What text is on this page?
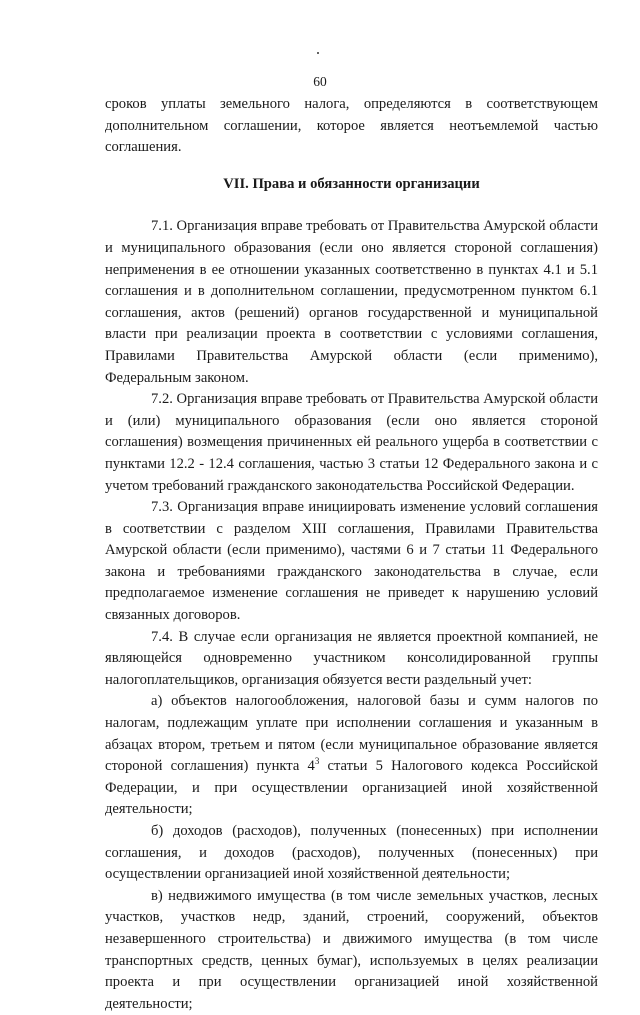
60

сроков уплаты земельного налога, определяются в соответствующем дополнительном соглашении, которое является неотъемлемой частью соглашения.

VII. Права и обязанности организации

7.1. Организация вправе требовать от Правительства Амурской области и муниципального образования (если оно является стороной соглашения) неприменения в ее отношении указанных соответственно в пунктах 4.1 и 5.1 соглашения и в дополнительном соглашении, предусмотренном пунктом 6.1 соглашения, актов (решений) органов государственной и муниципальной власти при реализации проекта в соответствии с условиями соглашения, Правилами Правительства Амурской области (если применимо), Федеральным законом.

7.2. Организация вправе требовать от Правительства Амурской области и (или) муниципального образования (если оно является стороной соглашения) возмещения причиненных ей реального ущерба в соответствии с пунктами 12.2 - 12.4 соглашения, частью 3 статьи 12 Федерального закона и с учетом требований гражданского законодательства Российской Федерации.

7.3. Организация вправе инициировать изменение условий соглашения в соответствии с разделом XIII соглашения, Правилами Правительства Амурской области (если применимо), частями 6 и 7 статьи 11 Федерального закона и требованиями гражданского законодательства в случае, если предполагаемое изменение соглашения не приведет к нарушению условий связанных договоров.

7.4. В случае если организация не является проектной компанией, не являющейся одновременно участником консолидированной группы налогоплательщиков, организация обязуется вести раздельный учет:

а) объектов налогообложения, налоговой базы и сумм налогов по налогам, подлежащим уплате при исполнении соглашения и указанным в абзацах втором, третьем и пятом (если муниципальное образование является стороной соглашения) пункта $4^3$ статьи 5 Налогового кодекса Российской Федерации, и при осуществлении организацией иной хозяйственной деятельности;

б) доходов (расходов), полученных (понесенных) при исполнении соглашения, и доходов (расходов), полученных (понесенных) при осуществлении организацией иной хозяйственной деятельности;

в) недвижимого имущества (в том числе земельных участков, лесных участков, участков недр, зданий, строений, сооружений, объектов незавершенного строительства) и движимого имущества (в том числе транспортных средств, ценных бумаг), используемых в целях реализации проекта и при осуществлении организацией иной хозяйственной деятельности;
